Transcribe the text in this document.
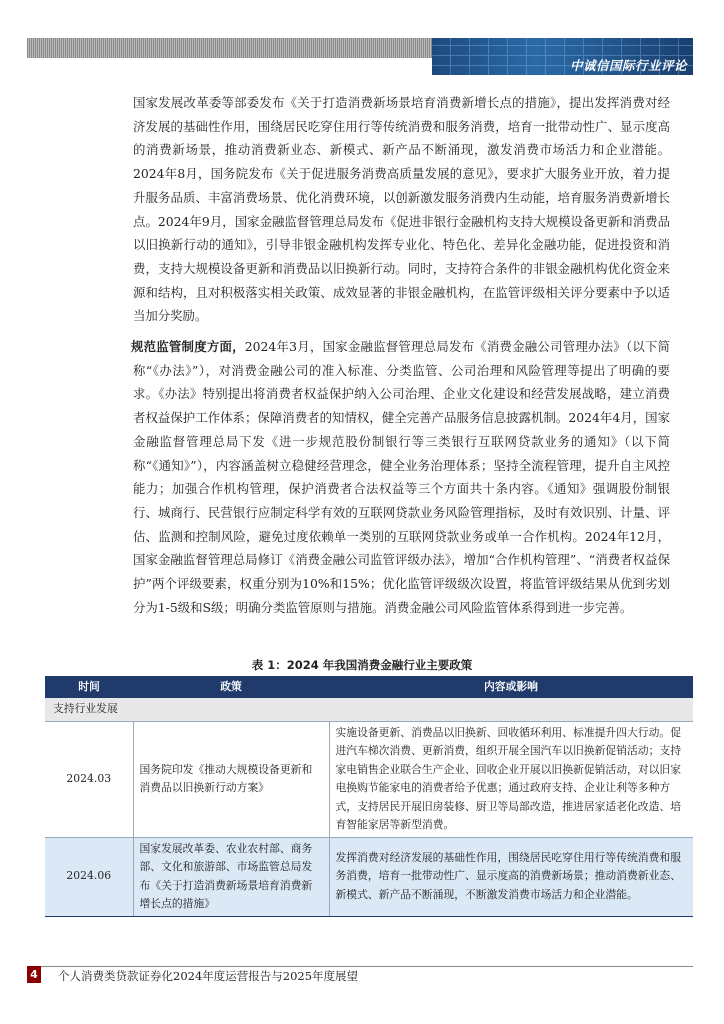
中诚信国际行业评论

国家发展改革委等部委发布《关于打造消费新场景培育消费新增长点的措施》，提出发挥消费对经济发展的基础性作用，围绕居民吃穿住用行等传统消费和服务消费，培育一批带动性广、显示度高的消费新场景，推动消费新业态、新模式、新产品不断涌现，激发消费市场活力和企业潜能。2024年8月，国务院发布《关于促进服务消费高质量发展的意见》，要求扩大服务业开放，着力提升服务品质、丰富消费场景、优化消费环境，以创新激发服务消费内生动能，培育服务消费新增长点。2024年9月，国家金融监督管理总局发布《促进非银行金融机构支持大规模设备更新和消费品以旧换新行动的通知》，引导非银金融机构发挥专业化、特色化、差异化金融功能，促进投资和消费，支持大规模设备更新和消费品以旧换新行动。同时，支持符合条件的非银金融机构优化资金来源和结构，且对积极落实相关政策、成效显著的非银金融机构，在监管评级相关评分要素中予以适当加分奖励。

规范监管制度方面，2024年3月，国家金融监督管理总局发布《消费金融公司管理办法》（以下简称“《办法》”），对消费金融公司的准入标准、分类监管、公司治理和风险管理等提出了明确的要求。《办法》特别提出将消费者权益保护纳入公司治理、企业文化建设和经营发展战略，建立消费者权益保护工作体系；保障消费者的知情权，健全完善产品服务信息披露机制。2024年4月，国家金融监督管理总局下发《进一步规范股份制银行等三类银行互联网贷款业务的通知》（以下简称“《通知》”），内容涵盖树立稳健经营理念，健全业务治理体系；坚持全流程管理，提升自主风控能力；加强合作机构管理，保护消费者合法权益等三个方面共十条内容。《通知》强调股份制银行、城商行、民营银行应制定科学有效的互联网贷款业务风险管理指标，及时有效识别、计量、评估、监测和控制风险，避免过度依赖单一类别的互联网贷款业务或单一合作机构。2024年12月，国家金融监督管理总局修订《消费金融公司监管评级办法》，增加“合作机构管理”、“消费者权益保护”两个评级要素，权重分别为10%和15%；优化监管评级级次设置，将监管评级结果从优到劣划分为1-5级和S级；明确分类监管原则与措施。消费金融公司风险监管体系得到进一步完善。

表 1：2024 年我国消费金融行业主要政策
时间	政策	内容或影响
支持行业发展		
2024.03	国务院印发《推动大规模设备更新和消费品以旧换新行动方案》	实施设备更新、消费品以旧换新、回收循环利用、标准提升四大行动。促进汽车梯次消费、更新消费，组织开展全国汽车以旧换新促销活动；支持家电销售企业联合生产企业、回收企业开展以旧换新促销活动，对以旧家电换购节能家电的消费者给予优惠；通过政府支持、企业让利等多种方式，支持居民开展旧房装修、厨卫等局部改造，推进居家适老化改造、培育智能家居等新型消费。
2024.06	国家发展改革委、农业农村部、商务部、文化和旅游部、市场监管总局发布《关于打造消费新场景培育消费新增长点的措施》	发挥消费对经济发展的基础性作用，围绕居民吃穿住用行等传统消费和服务消费，培育一批带动性广、显示度高的消费新场景；推动消费新业态、新模式、新产品不断涌现，不断激发消费市场活力和企业潜能。
4 个人消费类贷款证券化2024年度运营报告与2025年度展望
